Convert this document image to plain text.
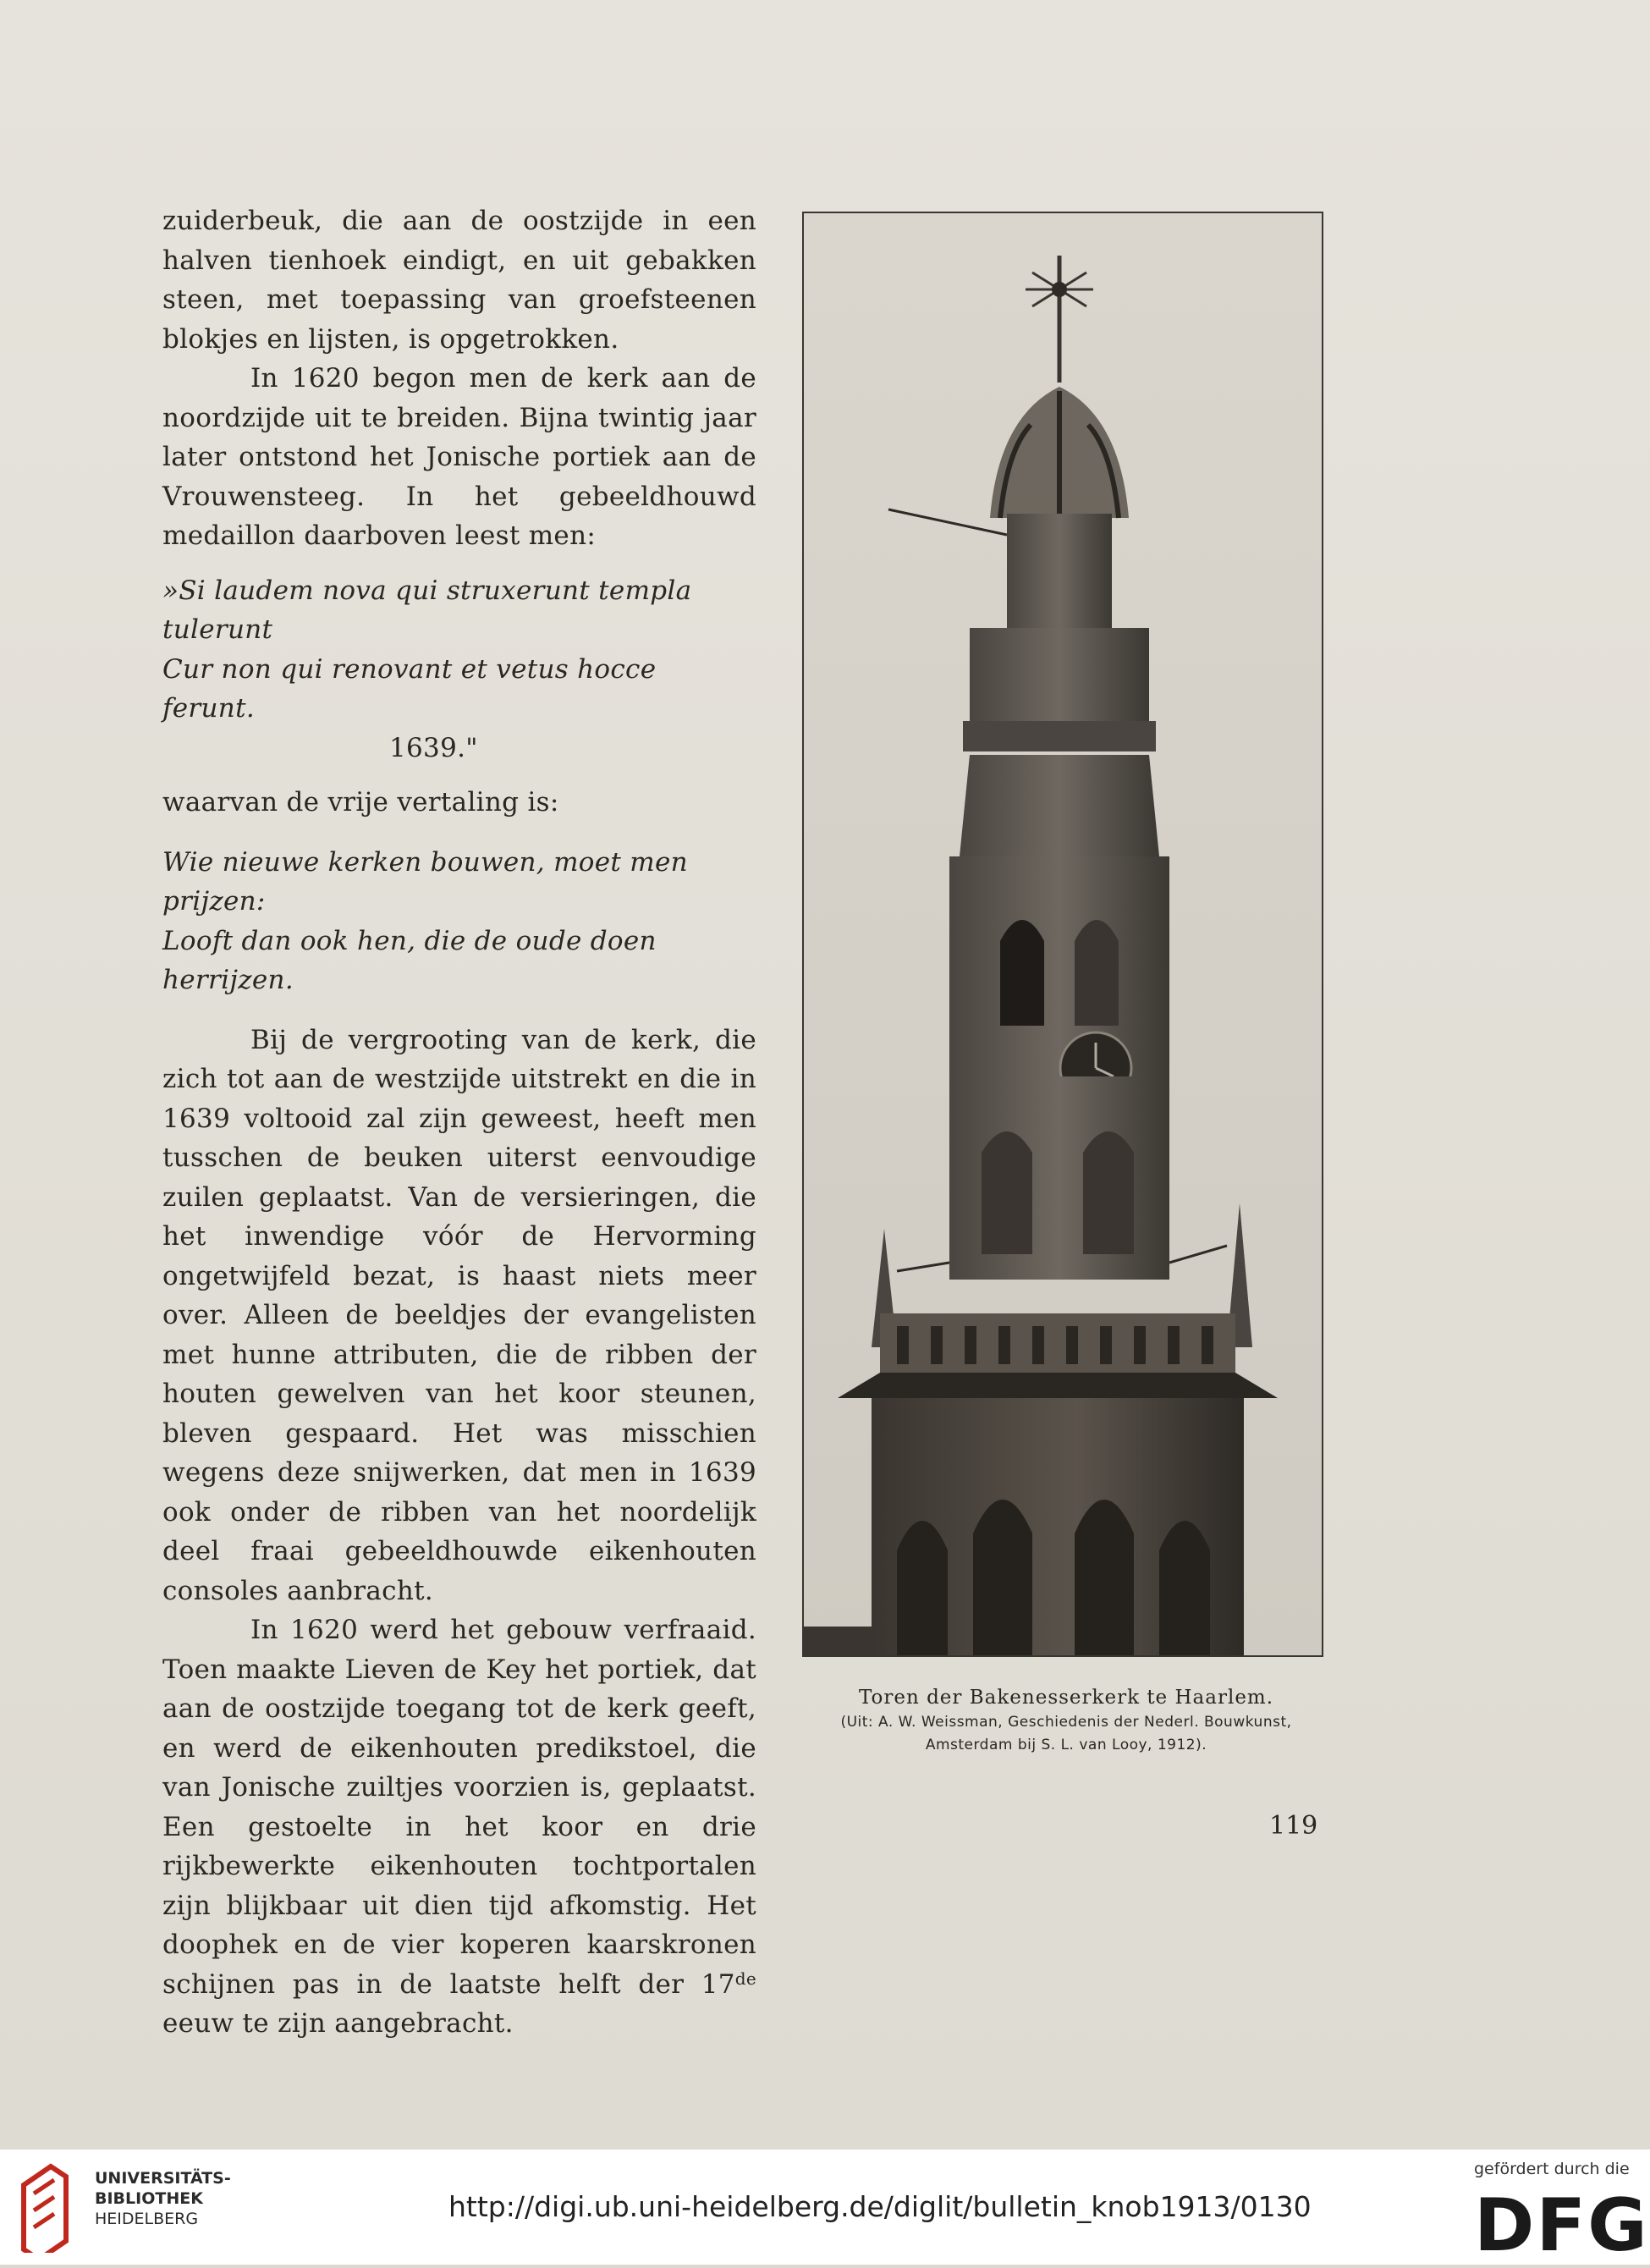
zuiderbeuk, die aan de oostzijde in een halven tienhoek eindigt, en uit gebakken steen, met toepassing van groefsteenen blokjes en lijsten, is opgetrokken.

In 1620 begon men de kerk aan de noordzijde uit te breiden. Bijna twintig jaar later ontstond het Jonische portiek aan de Vrouwensteeg. In het gebeeldhouwd medaillon daarboven leest men:

»Si laudem nova qui struxerunt templa tulerunt
Cur non qui renovant et vetus hocce ferunt.
1639."

waarvan de vrije vertaling is:

Wie nieuwe kerken bouwen, moet men prijzen:
Looft dan ook hen, die de oude doen herrijzen.

Bij de vergrooting van de kerk, die zich tot aan de westzijde uitstrekt en die in 1639 voltooid zal zijn geweest, heeft men tusschen de beuken uiterst eenvoudige zuilen geplaatst. Van de versieringen, die het inwendige vóór de Hervorming ongetwijfeld bezat, is haast niets meer over. Alleen de beeldjes der evangelisten met hunne attributen, die de ribben der houten gewelven van het koor steunen, bleven gespaard. Het was misschien wegens deze snijwerken, dat men in 1639 ook onder de ribben van het noordelijk deel fraai gebeeldhouwde eikenhouten consoles aanbracht.

In 1620 werd het gebouw verfraaid. Toen maakte Lieven de Key het portiek, dat aan de oostzijde toegang tot de kerk geeft, en werd de eikenhouten predikstoel, die van Jonische zuiltjes voorzien is, geplaatst. Een gestoelte in het koor en drie rijkbewerkte eikenhouten tochtportalen zijn blijkbaar uit dien tijd afkomstig. Het doophek en de vier koperen kaarskronen schijnen pas in de laatste helft der 17de eeuw te zijn aangebracht.

Toren der Bakenesserkerk te Haarlem.
(Uit: A. W. Weissman, Geschiedenis der Nederl. Bouwkunst,
Amsterdam bij S. L. van Looy, 1912).
119
UNIVERSITÄTS-
BIBLIOTHEK
HEIDELBERG	http://digi.ub.uni-heidelberg.de/diglit/bulletin_knob1913/0130
gefördert durch die
DFG
